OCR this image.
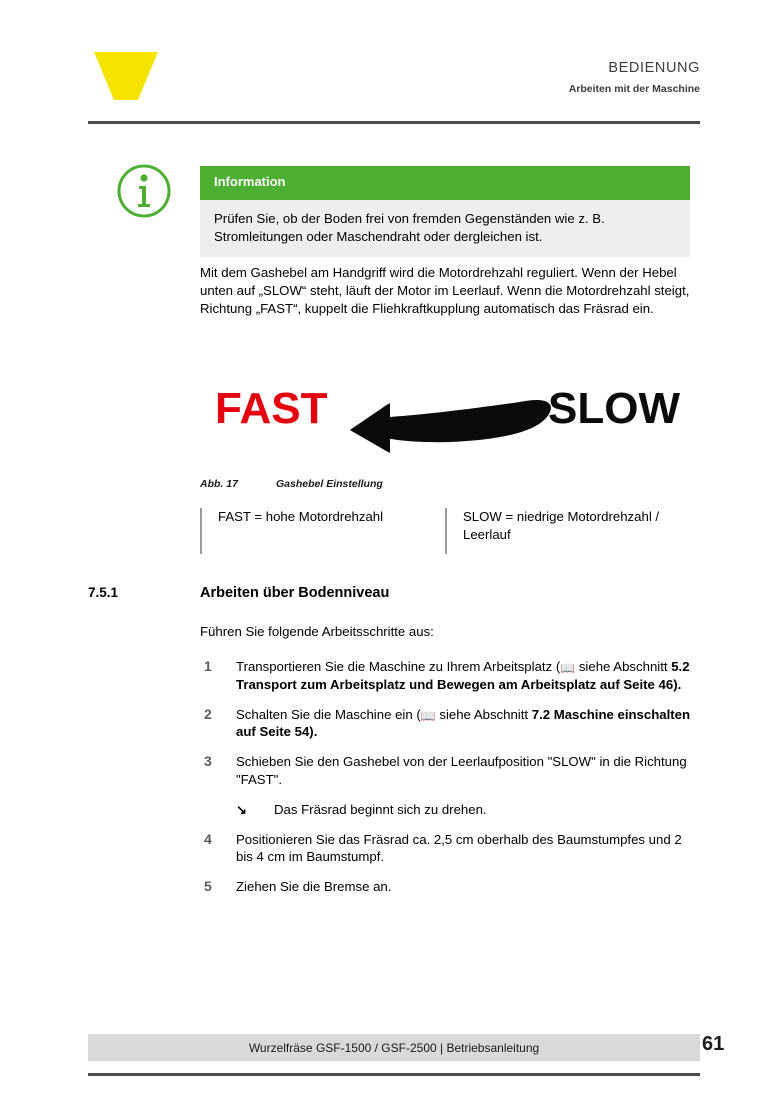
BEDIENUNG
Arbeiten mit der Maschine
Information
Prüfen Sie, ob der Boden frei von fremden Gegenständen wie z. B. Stromleitungen oder Maschendraht oder dergleichen ist.
Mit dem Gashebel am Handgriff wird die Motordrehzahl reguliert. Wenn der Hebel unten auf „SLOW“ steht, läuft der Motor im Leerlauf. Wenn die Motordrehzahl steigt, Richtung „FAST“, kuppelt die Fliehkraftkupplung automatisch das Fräsrad ein.
FAST	SLOW
Abb. 17	Gashebel Einstellung
FAST = hohe Motordrehzahl	SLOW = niedrige Motordrehzahl / Leerlauf
7.5.1	Arbeiten über Bodenniveau
Führen Sie folgende Arbeitsschritte aus:
1	Transportieren Sie die Maschine zu Ihrem Arbeitsplatz (📖 siehe Abschnitt 5.2 Transport zum Arbeitsplatz und Bewegen am Arbeitsplatz auf Seite 46).
2	Schalten Sie die Maschine ein (📖 siehe Abschnitt 7.2 Maschine einschalten auf Seite 54).
3	Schieben Sie den Gashebel von der Leerlaufposition "SLOW" in die Richtung "FAST".
↘ Das Fräsrad beginnt sich zu drehen.
4	Positionieren Sie das Fräsrad ca. 2,5 cm oberhalb des Baumstumpfes und 2 bis 4 cm im Baumstumpf.
5	Ziehen Sie die Bremse an.
Wurzelfräse GSF-1500 / GSF-2500 | Betriebsanleitung	61
